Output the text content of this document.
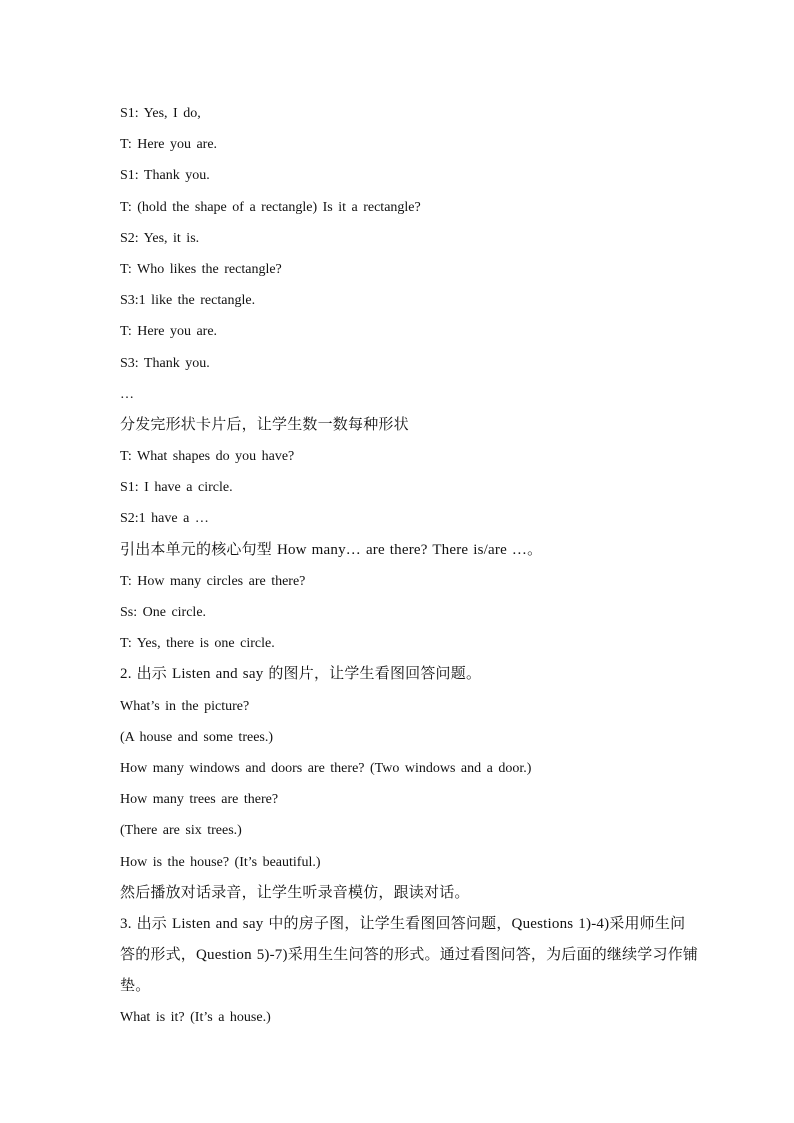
S1: Yes, I do,
T: Here you are.
S1: Thank you.
T: (hold the shape of a rectangle) Is it a rectangle?
S2: Yes, it is.
T: Who likes the rectangle?
S3:1 like the rectangle.
T: Here you are.
S3: Thank you.
…
分发完形状卡片后，让学生数一数每种形状
T: What shapes do you have?
S1: I have a circle.
S2:1 have a …
引出本单元的核心句型 How many… are there? There is/are …。
T: How many circles are there?
Ss: One circle.
T: Yes, there is one circle.
2. 出示 Listen and say 的图片，让学生看图回答问题。
What’s in the picture?
(A house and some trees.)
How many windows and doors are there? (Two windows and a door.)
How many trees are there?
(There are six trees.)
How is the house? (It’s beautiful.)
然后播放对话录音，让学生听录音模仿，跟读对话。
3. 出示 Listen and say 中的房子图，让学生看图回答问题，Questions 1)-4)采用师生问答的形式，Question 5)-7)采用生生问答的形式。通过看图问答，为后面的继续学习作铺垫。
What is it? (It’s a house.)
